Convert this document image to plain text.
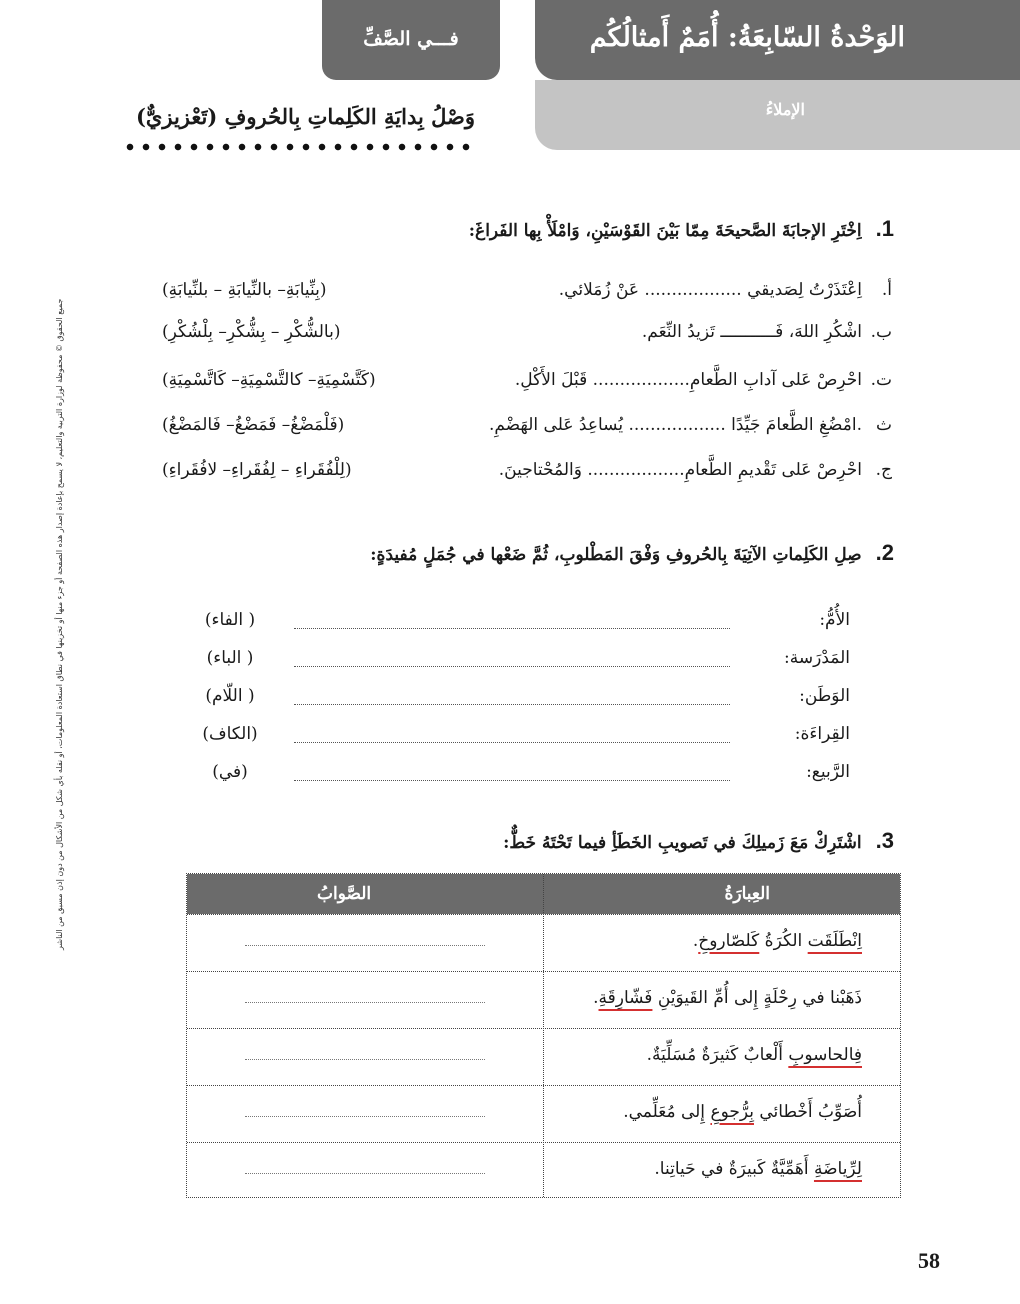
الوَحْدةُ السّابِعَةُ: أُمَمٌ أَمثالُكُم
الإملاءُ
فـــي الصَّفِّ
وَصْلُ بِدايَةِ الكَلِماتِ بِالحُروفِ (تَعْزيزيٌّ)
جميع الحقوق © محفوظة لوزارة التربية والتعليم، لا يسمح بإعادة إصدار هذه الصفحة أو جزء منها أو تخزينها في نطاق استعادة المعلومات، أو نقله بأي شكل من الأشكال من دون إذن مسبق من الناشر
1.اِخْتَرِ الإجابَةَ الصَّحيحَةَ مِمّا بَيْنَ القَوْسَيْنِ، وَامْلَأْ بِها الفَراغَ:
أ.
اِعْتَذَرْتُ لِصَديقي .................. عَنْ زُمَلائي.
(بِنِّيابَةِ– بالنِّيابَةِ – بلنِّيابَةِ)
ب.
اشْكُرِ اللهَ، فَـــــــــــ تَزيدُ النِّعَم.
(بالشُّكْرِ – بِشُّكْرِ– بِلْشُكْرِ)
ت.
احْرِصْ عَلى آدابِ الطَّعامِ.................. قَبْلَ الأَكْلِ.
(كَتَّسْمِيَةِ– كالتَّسْمِيَةِ– كَاتَّسْمِيَةِ)
ث
.امْضُغِ الطَّعامَ جَيِّدًا .................. يُساعِدُ عَلى الهَضْمِ.
(فَلْمَضْغُ– فَمَضْغُ– فَالمَضْغُ)
ج.
احْرِصْ عَلى تَقْديمِ الطَّعامِ.................. وَالمُحْتاجينَ.
(لِلْفُقَراءِ – لِفُقَراءِ– لافُقَراءِ)
2.صِلِ الكَلِماتِ الآتِيَةَ بِالحُروفِ وَفْقَ المَطْلوبِ، ثُمَّ ضَعْها في جُمَلٍ مُفيدَةٍ:
الأُمُّ:
( الفاء)
المَدْرَسة:
( الباء)
الوَطَن:
( اللّام)
القِراءَة:
(الكاف)
الرَّبيع:
(في)
3.اشْتَرِكْ مَعَ زَميلِكَ في تَصويبِ الخَطَأِ فيما تَحْتَهُ خَطٌّ:
العِبارَةُ
الصَّوابُ
اِنْطَلَقَت الكُرَةُ كَلصّاروخِ.
ذَهَبْنا في رِحْلَةٍ إِلى أُمِّ القَيوَيْنِ فَشّارِقَةِ.
فِالحاسوبِ أَلْعابٌ كَثيرَةٌ مُسَلِّيَةٌ.
أُصَوِّبُ أَخْطائي بِرُّجوعِ إِلى مُعَلِّمي.
لِرِّياضَةِ أَهَمِّيَّةٌ كَبيرَةٌ في حَياتِنا.
58
